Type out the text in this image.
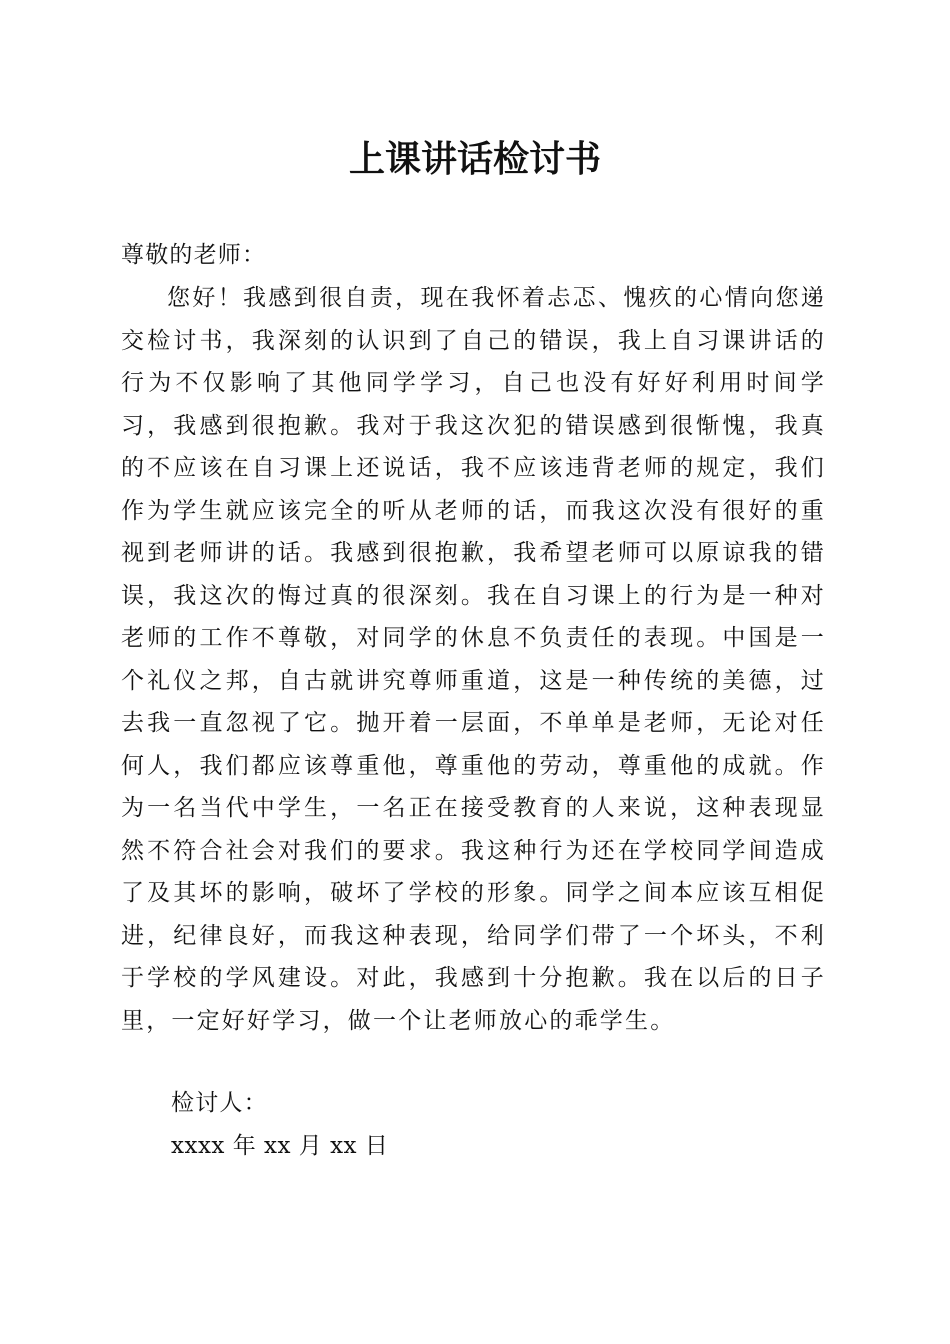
上课讲话检讨书
尊敬的老师：

您好！我感到很自责，现在我怀着忐忑、愧疚的心情向您递交检讨书，我深刻的认识到了自己的错误，我上自习课讲话的行为不仅影响了其他同学学习，自己也没有好好利用时间学习，我感到很抱歉。我对于我这次犯的错误感到很惭愧，我真的不应该在自习课上还说话，我不应该违背老师的规定，我们作为学生就应该完全的听从老师的话，而我这次没有很好的重视到老师讲的话。我感到很抱歉，我希望老师可以原谅我的错误，我这次的悔过真的很深刻。我在自习课上的行为是一种对老师的工作不尊敬，对同学的休息不负责任的表现。中国是一个礼仪之邦，自古就讲究尊师重道，这是一种传统的美德，过去我一直忽视了它。抛开着一层面，不单单是老师，无论对任何人，我们都应该尊重他，尊重他的劳动，尊重他的成就。作为一名当代中学生，一名正在接受教育的人来说，这种表现显然不符合社会对我们的要求。我这种行为还在学校同学间造成了及其坏的影响，破坏了学校的形象。同学之间本应该互相促进，纪律良好，而我这种表现，给同学们带了一个坏头，不利于学校的学风建设。对此，我感到十分抱歉。我在以后的日子里，一定好好学习，做一个让老师放心的乖学生。

检讨人：
xxxx 年 xx 月 xx 日
